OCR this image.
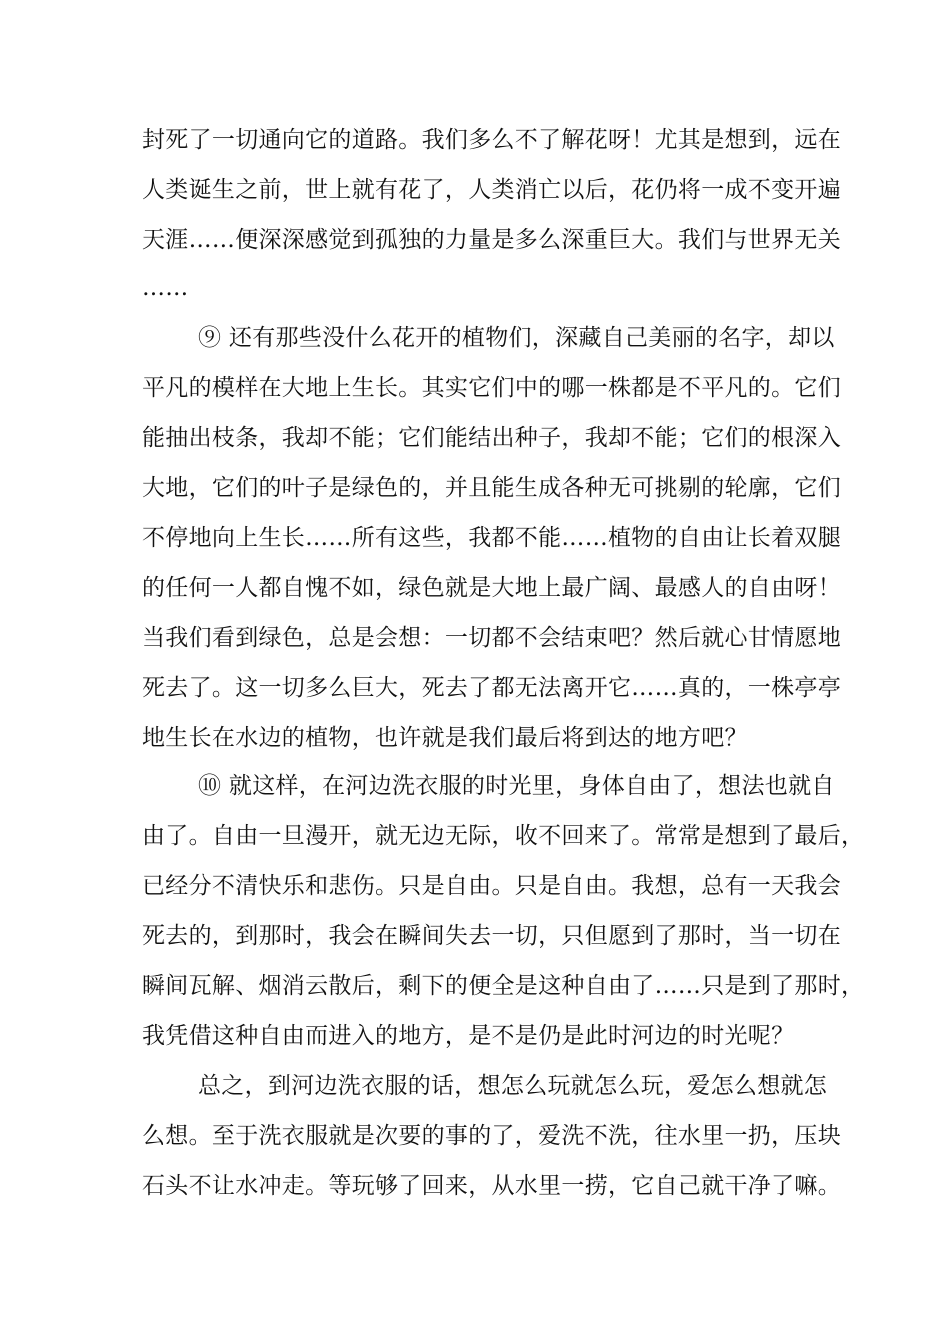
封死了一切通向它的道路。我们多么不了解花呀！尤其是想到，远在
人类诞生之前，世上就有花了，人类消亡以后，花仍将一成不变开遍
天涯……便深深感觉到孤独的力量是多么深重巨大。我们与世界无关
……
⑨ 还有那些没什么花开的植物们，深藏自己美丽的名字，却以
平凡的模样在大地上生长。其实它们中的哪一株都是不平凡的。它们
能抽出枝条，我却不能；它们能结出种子，我却不能；它们的根深入
大地，它们的叶子是绿色的，并且能生成各种无可挑剔的轮廓，它们
不停地向上生长……所有这些，我都不能……植物的自由让长着双腿
的任何一人都自愧不如，绿色就是大地上最广阔、最感人的自由呀！
当我们看到绿色，总是会想：一切都不会结束吧？然后就心甘情愿地
死去了。这一切多么巨大，死去了都无法离开它……真的，一株亭亭
地生长在水边的植物，也许就是我们最后将到达的地方吧？
⑩ 就这样，在河边洗衣服的时光里，身体自由了，想法也就自
由了。自由一旦漫开，就无边无际，收不回来了。常常是想到了最后，
已经分不清快乐和悲伤。只是自由。只是自由。我想，总有一天我会
死去的，到那时，我会在瞬间失去一切，只但愿到了那时，当一切在
瞬间瓦解、烟消云散后，剩下的便全是这种自由了……只是到了那时，
我凭借这种自由而进入的地方，是不是仍是此时河边的时光呢？
总之，到河边洗衣服的话，想怎么玩就怎么玩，爱怎么想就怎
么想。至于洗衣服就是次要的事的了，爱洗不洗，往水里一扔，压块
石头不让水冲走。等玩够了回来，从水里一捞，它自己就干净了嘛。
